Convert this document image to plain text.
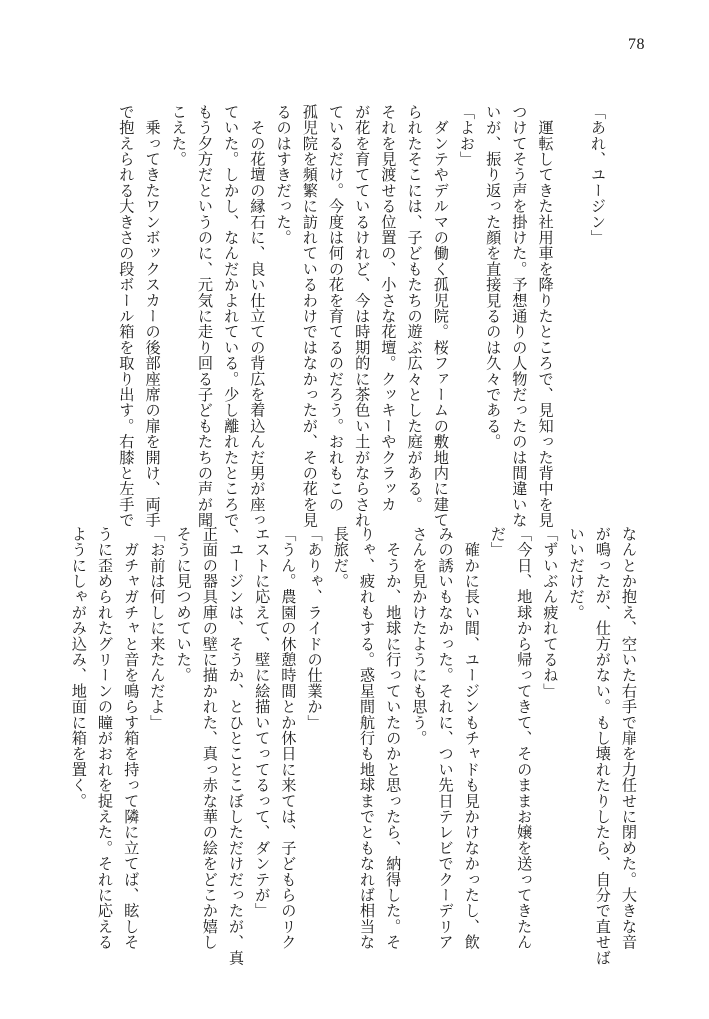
78
「あれ、ユージン」
　運転してきた社用車を降りたところで、見知った背中を見
つけてそう声を掛けた。予想通りの人物だったのは間違いな
いが、振り返った顔を直接見るのは久々である。
「よお」
　ダンテやデルマの働く孤児院。桜ファームの敷地内に建て
られたそこには、子どもたちの遊ぶ広々とした庭がある。
それを見渡せる位置の、小さな花壇。クッキーやクラッカ
が花を育てているけれど、今は時期的に茶色い土がならされ
ているだけ。今度は何の花を育てるのだろう。おれもこの
孤児院を頻繁に訪れているわけではなかったが、その花を見
るのはすきだった。
　その花壇の縁石に、良い仕立ての背広を着込んだ男が座っ
ていた。しかし、なんだかよれている。少し離れたところで、
もう夕方だというのに、元気に走り回る子どもたちの声が聞
こえた。
　乗ってきたワンボックスカーの後部座席の扉を開け、両手
で抱えられる大きさの段ボール箱を取り出す。右膝と左手で
なんとか抱え、空いた右手で扉を力任せに閉めた。大きな音
が鳴ったが、仕方がない。もし壊れたりしたら、自分で直せば
いいだけだ。
「ずいぶん疲れてるね」
「今日、地球から帰ってきて、そのままお嬢を送ってきたん
だ」
　確かに長い間、ユージンもチャドも見かけなかったし、飲
みの誘いもなかった。それに、つい先日テレビでクーデリア
さんを見かけたようにも思う。
　そうか、地球に行っていたのかと思ったら、納得した。そ
りゃ、疲れもする。惑星間航行も地球までともなれば相当な
長旅だ。
「ありゃ、ライドの仕業か」
「うん。農園の休憩時間とか休日に来ては、子どもらのリク
エストに応えて、壁に絵描いてってるって、ダンテが」
　ユージンは、そうか、とひとことこぼしただけだったが、真
正面の器具庫の壁に描かれた、真っ赤な華の絵をどこか嬉し
そうに見つめていた。
「お前は何しに来たんだよ」
　ガチャガチャと音を鳴らす箱を持って隣に立てば、眩しそ
うに歪められたグリーンの瞳がおれを捉えた。それに応える
ようにしゃがみ込み、地面に箱を置く。
